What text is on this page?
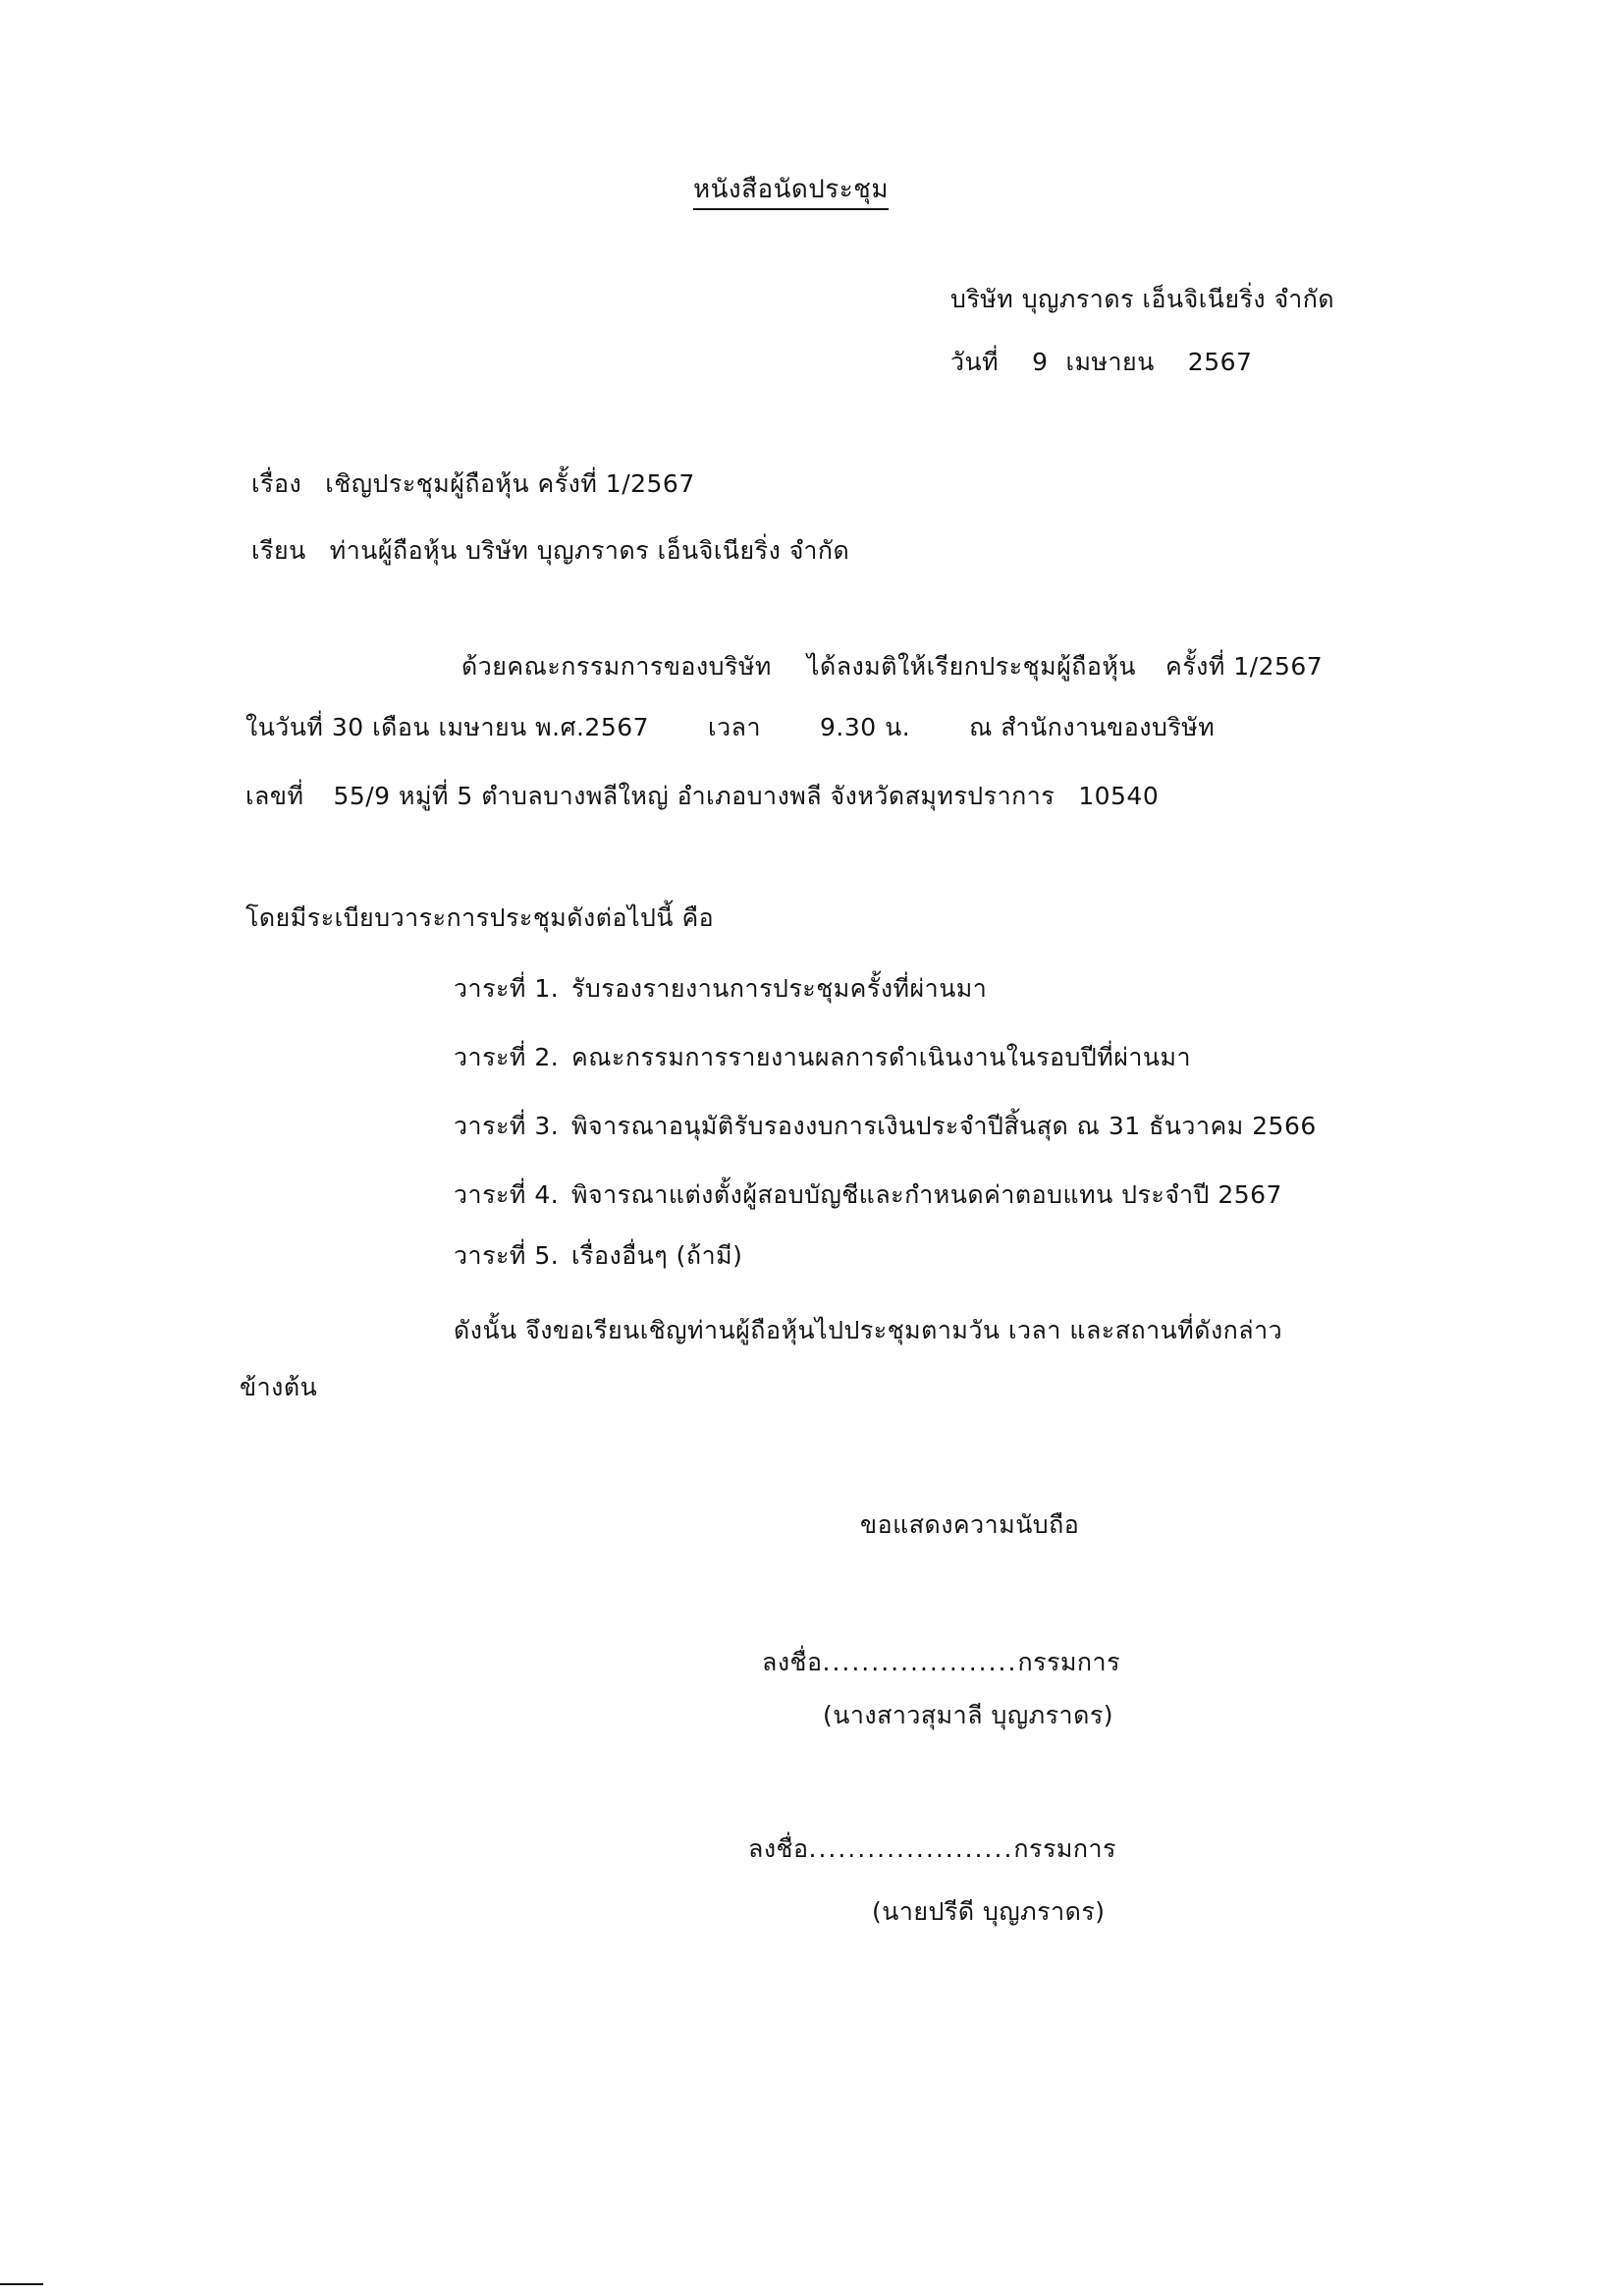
หนังสือนัดประชุม
บริษัท บุญภราดร เอ็นจิเนียริ่ง จำกัด
วันที่ 9 เมษายน 2567
เรื่อง เชิญประชุมผู้ถือหุ้น ครั้งที่ 1/2567
เรียน ท่านผู้ถือหุ้น บริษัท บุญภราดร เอ็นจิเนียริ่ง จำกัด
ด้วยคณะกรรมการของบริษัท ได้ลงมติให้เรียกประชุมผู้ถือหุ้น ครั้งที่ 1/2567
ในวันที่ 30 เดือน เมษายน พ.ศ.2567 เวลา 9.30 น. ณ สำนักงานของบริษัท
เลขที่ 55/9 หมู่ที่ 5 ตำบลบางพลีใหญ่ อำเภอบางพลี จังหวัดสมุทรปราการ 10540
โดยมีระเบียบวาระการประชุมดังต่อไปนี้ คือ
วาระที่ 1. รับรองรายงานการประชุมครั้งที่ผ่านมา
วาระที่ 2. คณะกรรมการรายงานผลการดำเนินงานในรอบปีที่ผ่านมา
วาระที่ 3. พิจารณาอนุมัติรับรองงบการเงินประจำปีสิ้นสุด ณ 31 ธันวาคม 2566
วาระที่ 4. พิจารณาแต่งตั้งผู้สอบบัญชีและกำหนดค่าตอบแทน ประจำปี 2567
วาระที่ 5. เรื่องอื่นๆ (ถ้ามี)
ดังนั้น จึงขอเรียนเชิญท่านผู้ถือหุ้นไปประชุมตามวัน เวลา และสถานที่ดังกล่าว
ข้างต้น
ขอแสดงความนับถือ
ลงชื่อ....................กรรมการ
(นางสาวสุมาลี บุญภราดร)
ลงชื่อ.....................กรรมการ
(นายปรีดี บุญภราดร)
